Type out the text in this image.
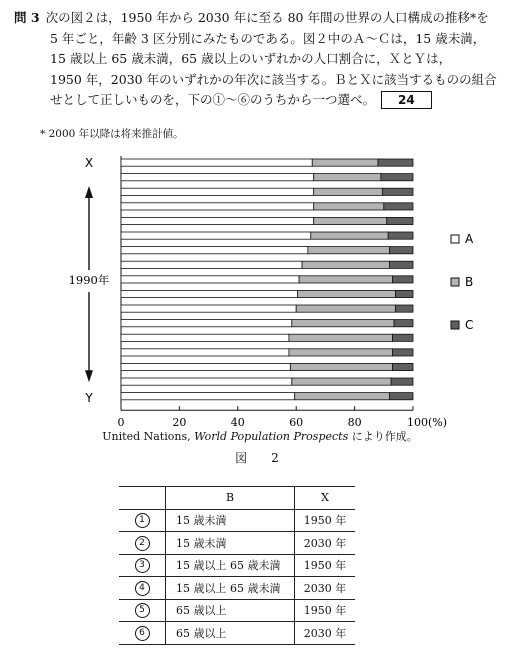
問 3 次の図２は，1950 年から 2030 年に至る 80 年間の世界の人口構成の推移*を
5 年ごと，年齢 3 区分別にみたものである。図２中のＡ～Ｃは，15 歳未満，
15 歳以上 65 歳未満，65 歳以上のいずれかの人口割合に，ＸとＹは，
1950 年，2030 年のいずれかの年次に該当する。ＢとＸに該当するものの組合
せとして正しいものを，下の①～⑥のうちから一つ選べ。 24
* 2000 年以降は将来推計値。
0	20	40	60	80	100(%)
X
Y
1990年
A
B
C
United Nations, World Population Prospects により作成。
図　2
	B	X
1	15 歳未満	1950 年
2	15 歳未満	2030 年
3	15 歳以上 65 歳未満	1950 年
4	15 歳以上 65 歳未満	2030 年
5	65 歳以上	1950 年
6	65 歳以上	2030 年
